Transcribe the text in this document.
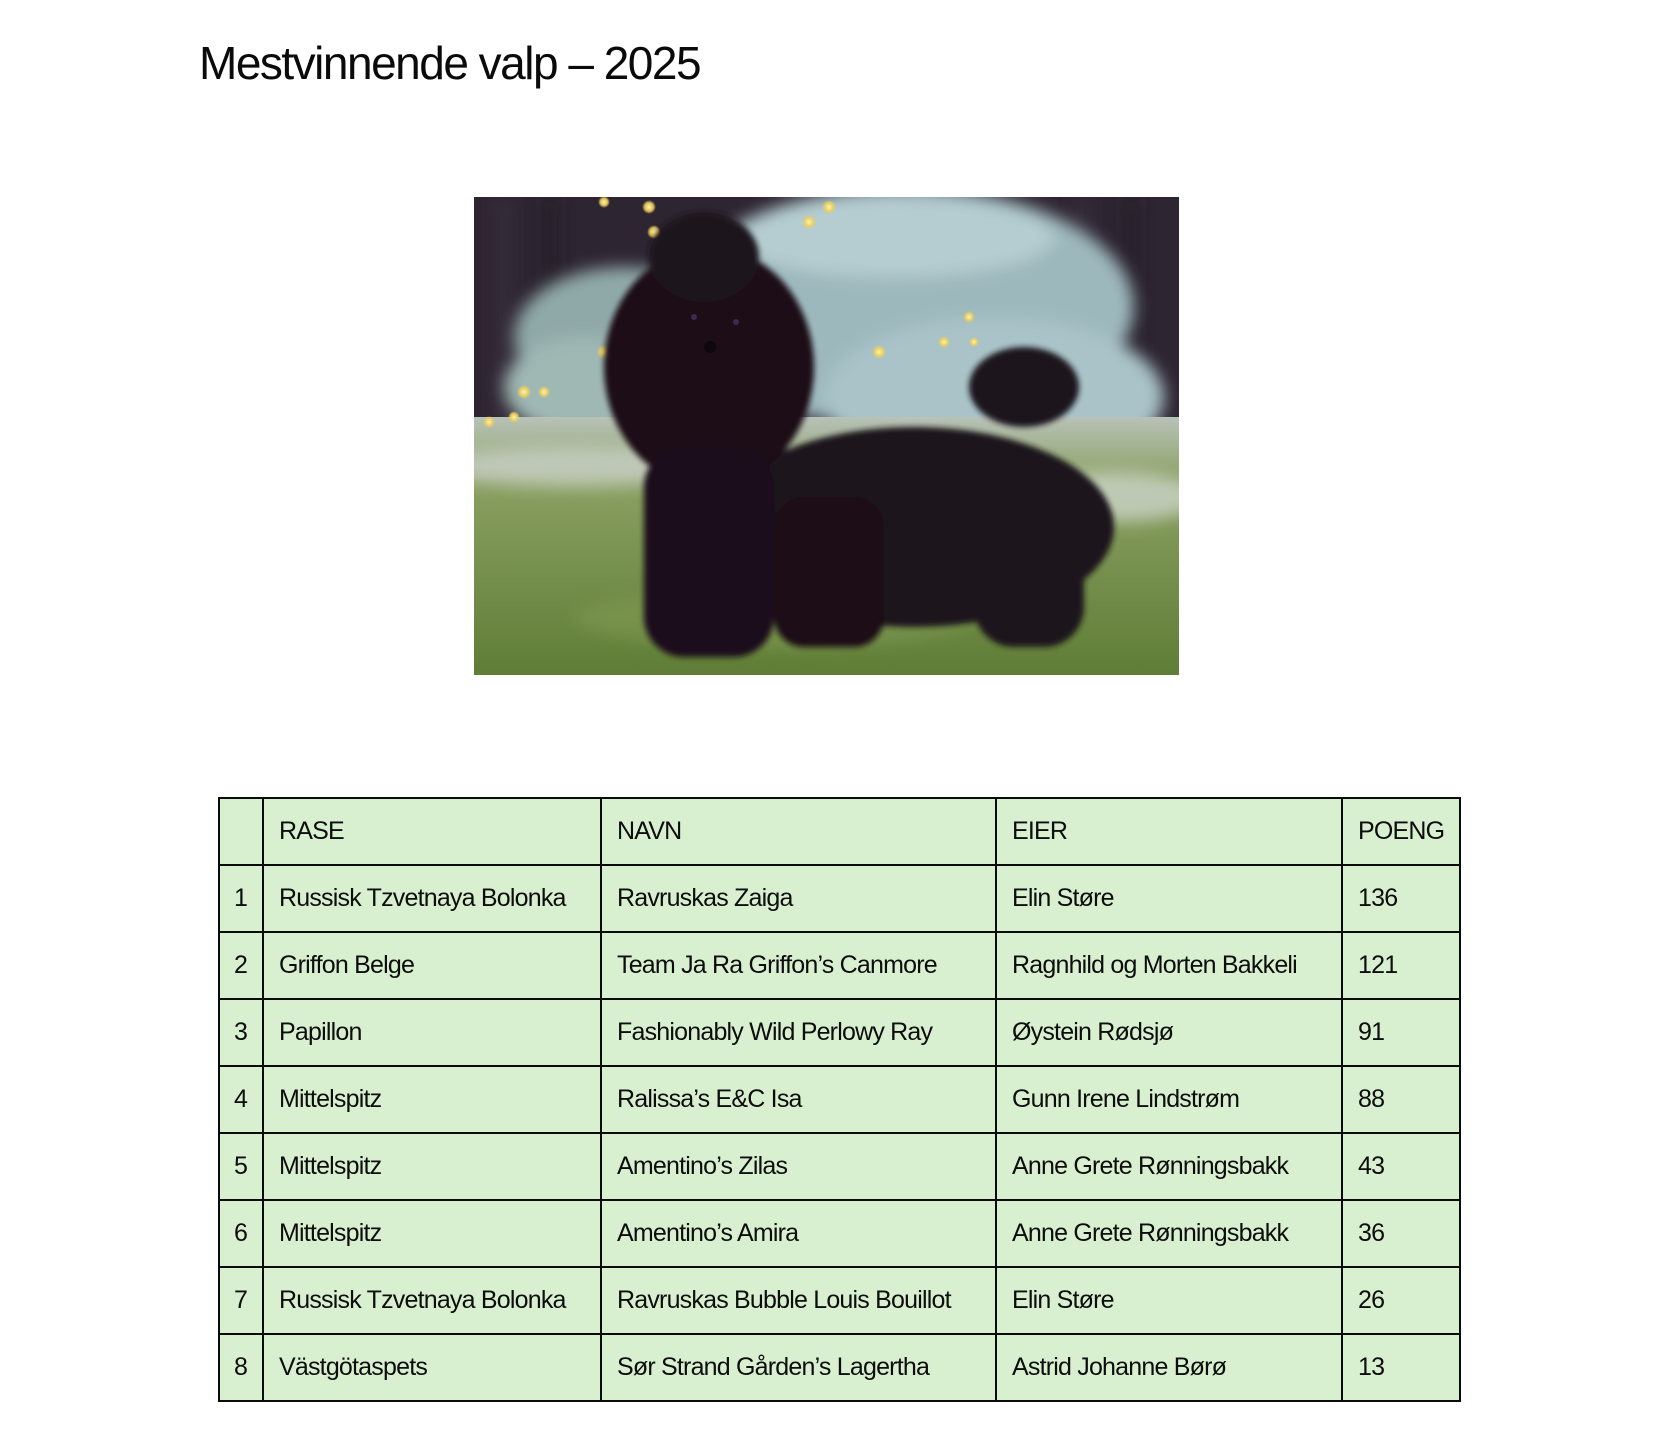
Mestvinnende valp – 2025
	RASE	NAVN	EIER	POENG
1	Russisk Tzvetnaya Bolonka	Ravruskas Zaiga	Elin Støre	136
2	Griffon Belge	Team Ja Ra Griffon’s Canmore	Ragnhild og Morten Bakkeli	121
3	Papillon	Fashionably Wild Perlowy Ray	Øystein Rødsjø	91
4	Mittelspitz	Ralissa’s E&C Isa	Gunn Irene Lindstrøm	88
5	Mittelspitz	Amentino’s Zilas	Anne Grete Rønningsbakk	43
6	Mittelspitz	Amentino’s Amira	Anne Grete Rønningsbakk	36
7	Russisk Tzvetnaya Bolonka	Ravruskas Bubble Louis Bouillot	Elin Støre	26
8	Västgötaspets	Sør Strand Gården’s Lagertha	Astrid Johanne Børø	13
